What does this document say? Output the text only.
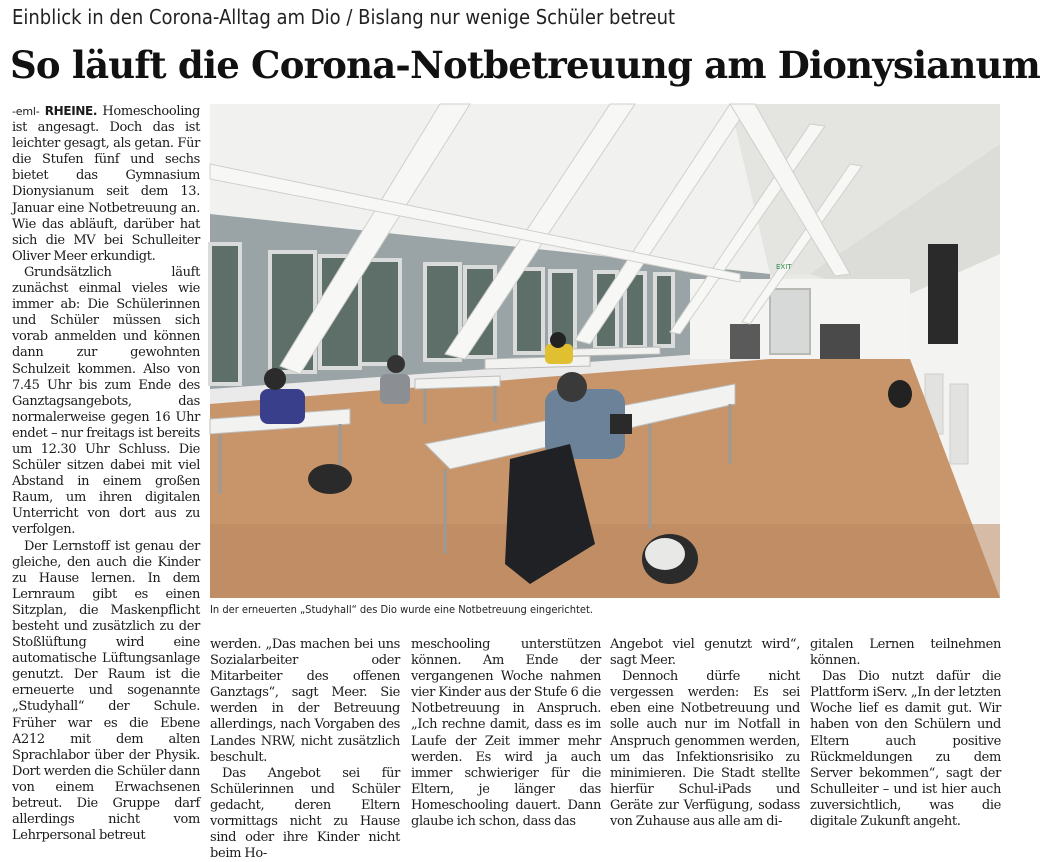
Einblick in den Corona-Alltag am Dio / Bislang nur wenige Schüler betreut
So läuft die Corona-Notbetreuung am Dionysianum

-eml- RHEINE. Homeschooling ist angesagt. Doch das ist leichter gesagt, als getan. Für die Stufen fünf und sechs bietet das Gymnasium Dionysianum seit dem 13. Januar eine Notbetreuung an. Wie das abläuft, darüber hat sich die MV bei Schulleiter Oliver Meer erkundigt.

Grundsätzlich läuft zunächst einmal vieles wie immer ab: Die Schülerinnen und Schüler müssen sich vorab anmelden und können dann zur gewohnten Schulzeit kommen. Also von 7.45 Uhr bis zum Ende des Ganztagsangebots, das normalerweise gegen 16 Uhr endet – nur freitags ist bereits um 12.30 Uhr Schluss. Die Schüler sitzen dabei mit viel Abstand in einem großen Raum, um ihren digitalen Unterricht von dort aus zu verfolgen.

Der Lernstoff ist genau der gleiche, den auch die Kinder zu Hause lernen. In dem Lernraum gibt es einen Sitzplan, die Maskenpflicht besteht und zusätzlich zu der Stoßlüftung wird eine automatische Lüftungsanlage genutzt. Der Raum ist die erneuerte und sogenannte „Studyhall“ der Schule. Früher war es die Ebene A212 mit dem alten Sprachlabor über der Physik. Dort werden die Schüler dann von einem Erwachsenen betreut. Die Gruppe darf allerdings nicht vom Lehrpersonal betreut

EXIT
In der erneuerten „Studyhall“ des Dio wurde eine Notbetreuung eingerichtet.

werden. „Das machen bei uns Sozialarbeiter oder Mitarbeiter des offenen Ganztags“, sagt Meer. Sie werden in der Betreuung allerdings, nach Vorgaben des Landes NRW, nicht zusätzlich beschult.

Das Angebot sei für Schülerinnen und Schüler gedacht, deren Eltern vormittags nicht zu Hause sind oder ihre Kinder nicht beim Ho-

meschooling unterstützen können. Am Ende der vergangenen Woche nahmen vier Kinder aus der Stufe 6 die Notbetreuung in Anspruch. „Ich rechne damit, dass es im Laufe der Zeit immer mehr werden. Es wird ja auch immer schwieriger für die Eltern, je länger das Homeschooling dauert. Dann glaube ich schon, dass das

Angebot viel genutzt wird“, sagt Meer.

Dennoch dürfe nicht vergessen werden: Es sei eben eine Notbetreuung und solle auch nur im Notfall in Anspruch genommen werden, um das Infektionsrisiko zu minimieren. Die Stadt stellte hierfür Schul-iPads und Geräte zur Verfügung, sodass von Zuhause aus alle am di-

gitalen Lernen teilnehmen können.

Das Dio nutzt dafür die Plattform iServ. „In der letzten Woche lief es damit gut. Wir haben von den Schülern und Eltern auch positive Rückmeldungen zu dem Server bekommen“, sagt der Schulleiter – und ist hier auch zuversichtlich, was die digitale Zukunft angeht.
